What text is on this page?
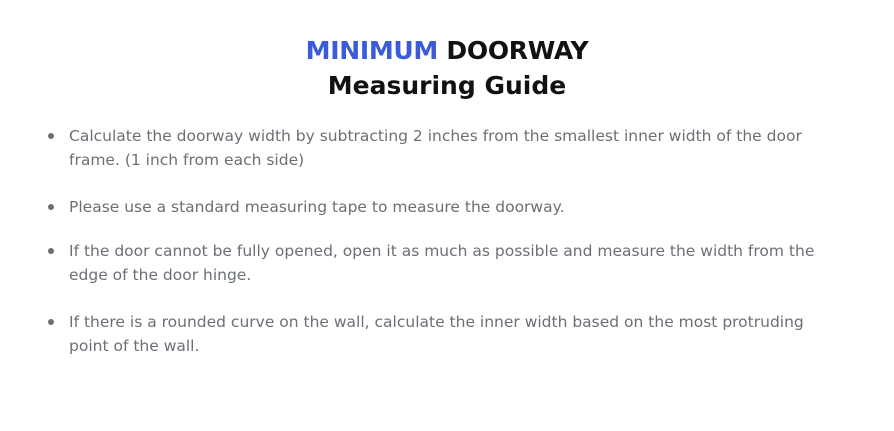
MINIMUM DOORWAY
Measuring Guide
Calculate the doorway width by subtracting 2 inches from the smallest inner width of the door frame. (1 inch from each side)
Please use a standard measuring tape to measure the doorway.
If the door cannot be fully opened, open it as much as possible and measure the width from the edge of the door hinge.
If there is a rounded curve on the wall, calculate the inner width based on the most protruding point of the wall.
